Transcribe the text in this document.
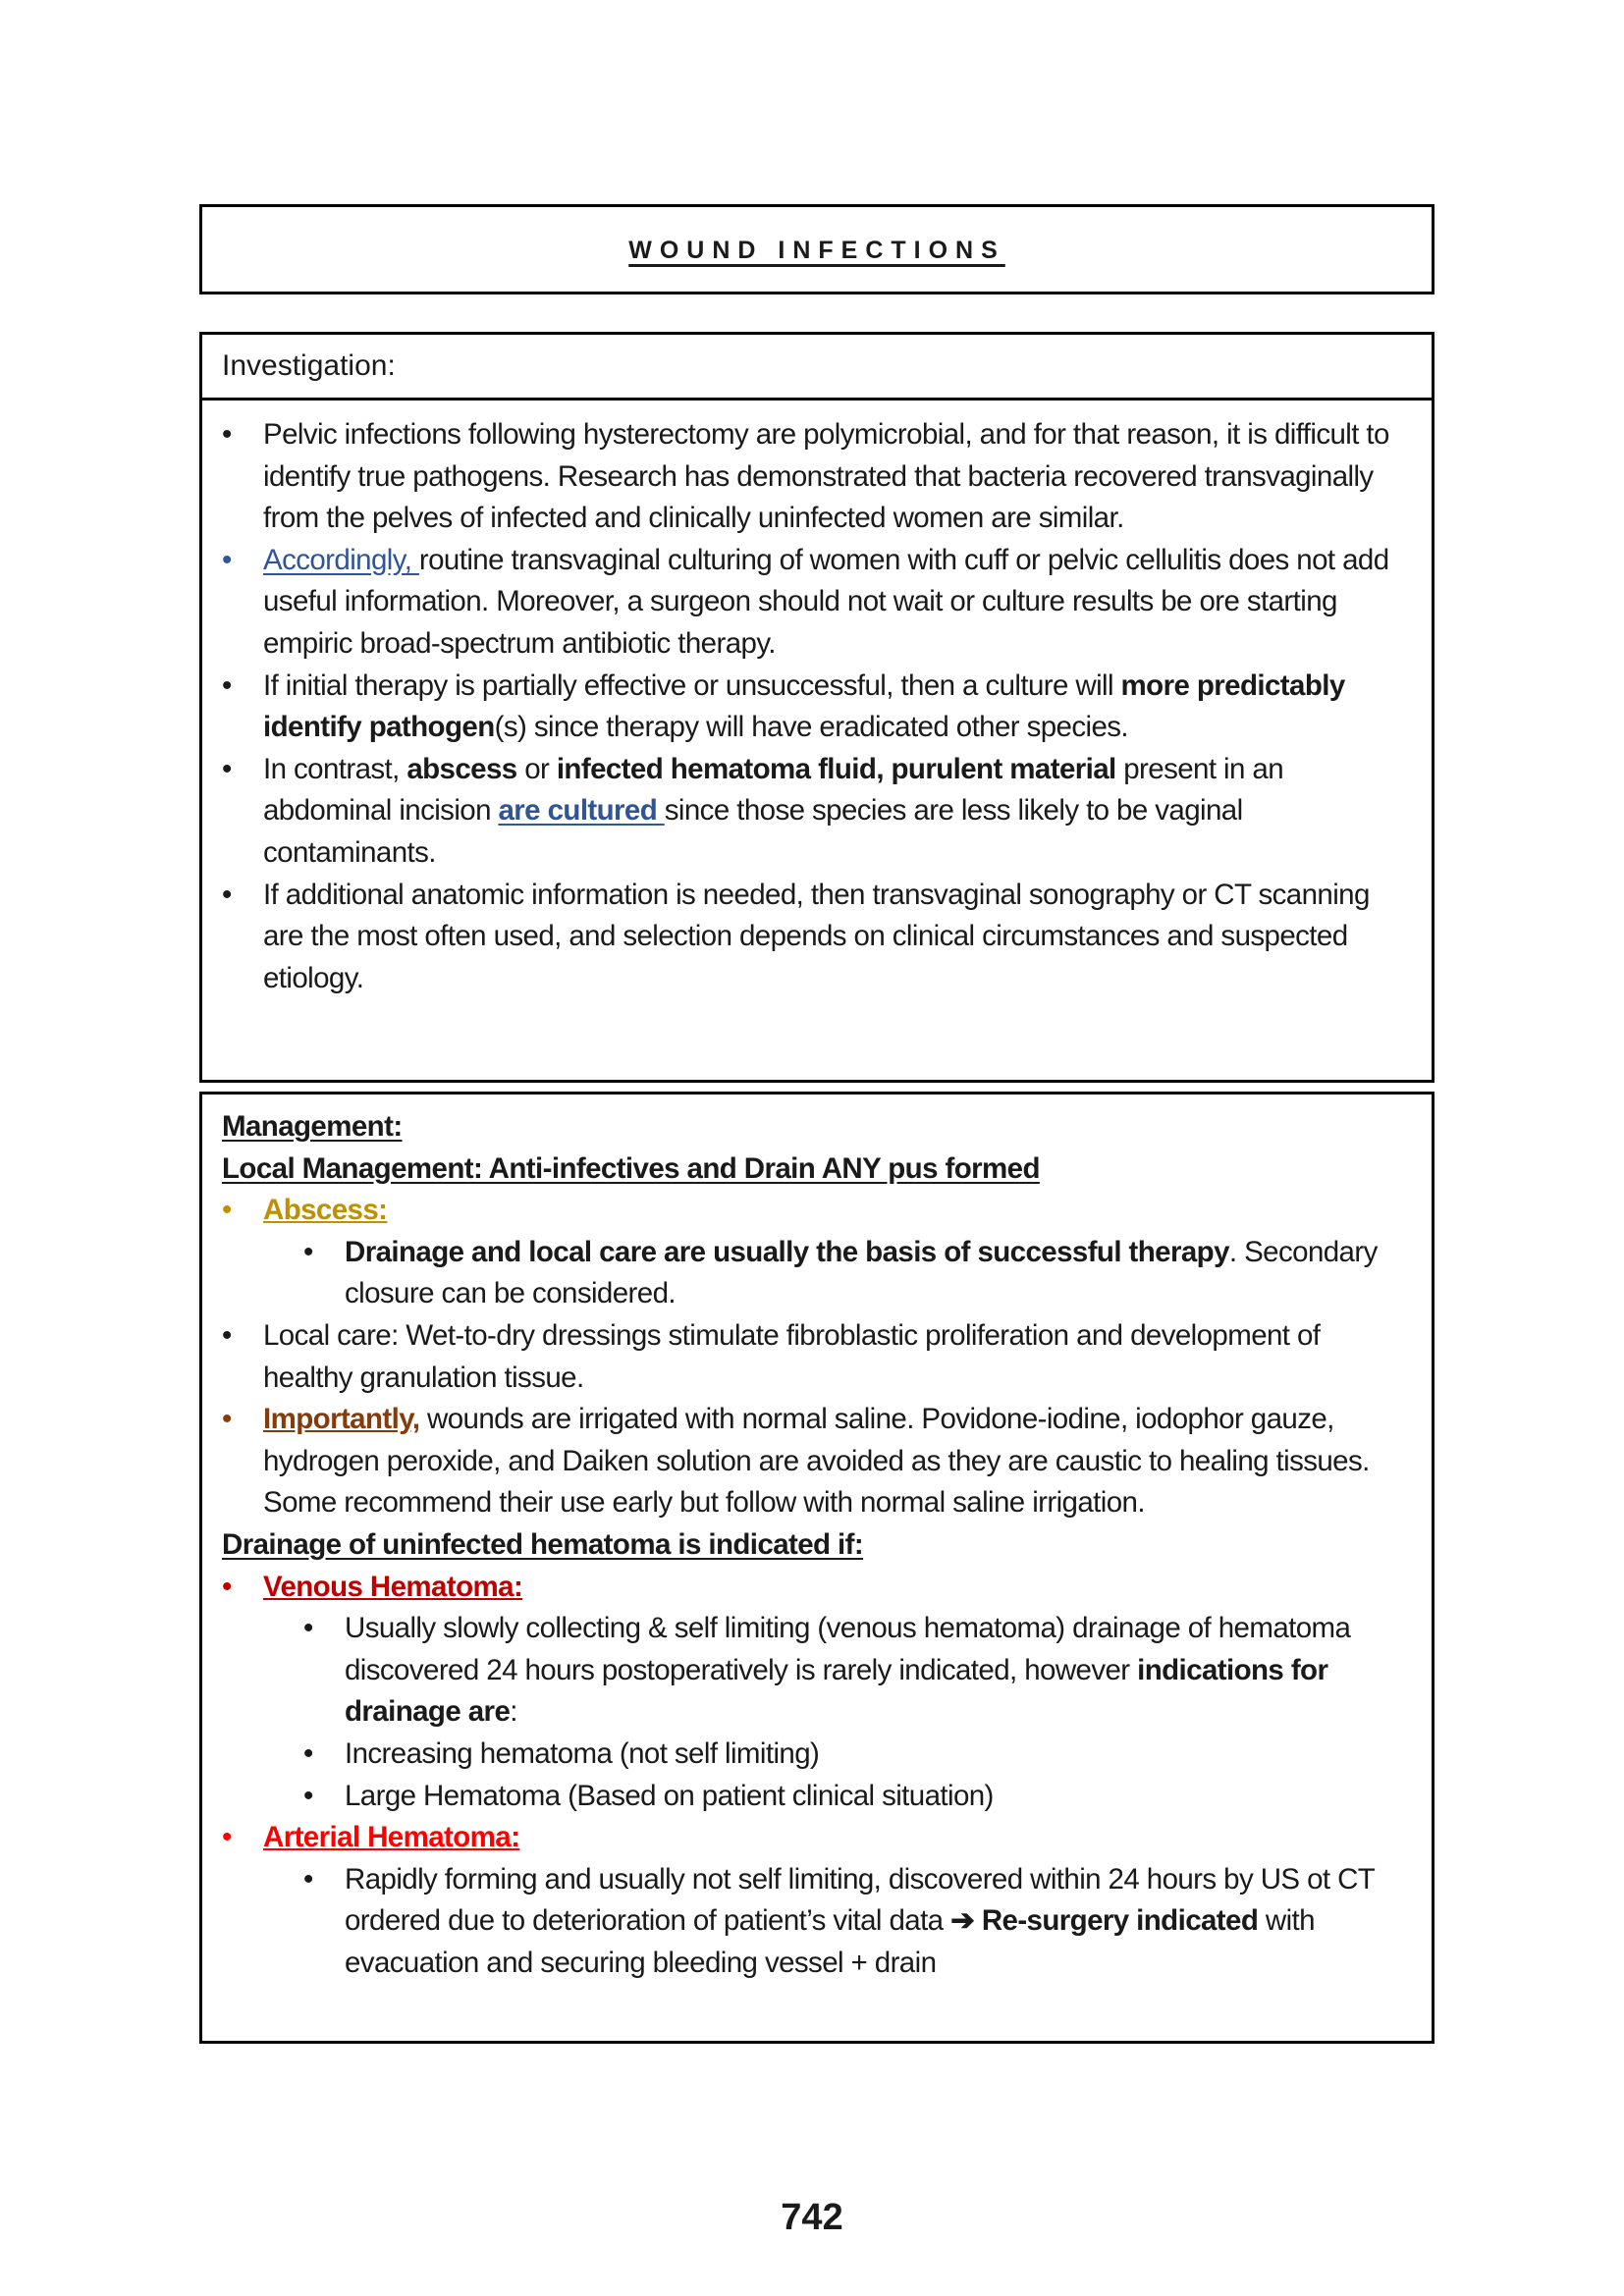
WOUND INFECTIONS
Investigation:
• Pelvic infections following hysterectomy are polymicrobial, and for that reason, it is difficult to identify true pathogens. Research has demonstrated that bacteria recovered transvaginally from the pelves of infected and clinically uninfected women are similar.
• Accordingly, routine transvaginal culturing of women with cuff or pelvic cellulitis does not add useful information. Moreover, a surgeon should not wait or culture results be ore starting empiric broad-spectrum antibiotic therapy.
• If initial therapy is partially effective or unsuccessful, then a culture will more predictably identify pathogen(s) since therapy will have eradicated other species.
• In contrast, abscess or infected hematoma fluid, purulent material present in an abdominal incision are cultured since those species are less likely to be vaginal contaminants.
• If additional anatomic information is needed, then transvaginal sonography or CT scanning are the most often used, and selection depends on clinical circumstances and suspected etiology.
Management:
Local Management: Anti-infectives and Drain ANY pus formed
• Abscess:
• Drainage and local care are usually the basis of successful therapy. Secondary closure can be considered.
• Local care: Wet-to-dry dressings stimulate fibroblastic proliferation and development of healthy granulation tissue.
• Importantly, wounds are irrigated with normal saline. Povidone-iodine, iodophor gauze, hydrogen peroxide, and Daiken solution are avoided as they are caustic to healing tissues. Some recommend their use early but follow with normal saline irrigation.
Drainage of uninfected hematoma is indicated if:
• Venous Hematoma:
• Usually slowly collecting & self limiting (venous hematoma) drainage of hematoma discovered 24 hours postoperatively is rarely indicated, however indications for drainage are:
• Increasing hematoma (not self limiting)
• Large Hematoma (Based on patient clinical situation)
• Arterial Hematoma:
• Rapidly forming and usually not self limiting, discovered within 24 hours by US ot CT ordered due to deterioration of patient’s vital data ➔ Re-surgery indicated with evacuation and securing bleeding vessel + drain
742
